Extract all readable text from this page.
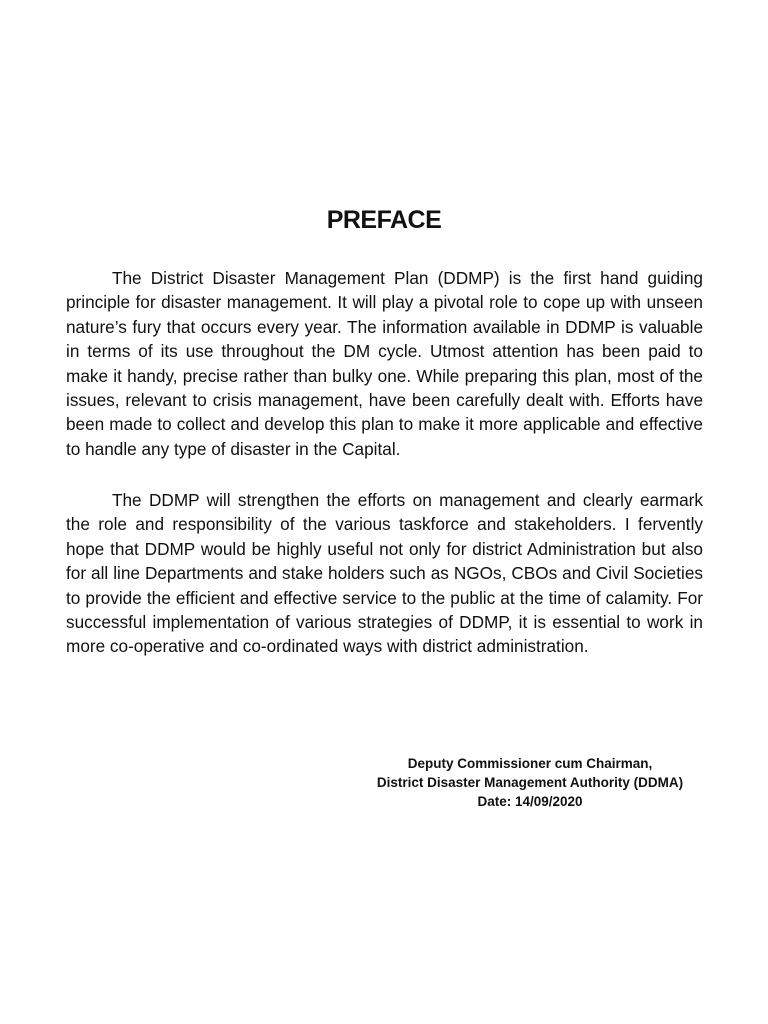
PREFACE

The District Disaster Management Plan (DDMP) is the first hand guiding principle for disaster management. It will play a pivotal role to cope up with unseen nature’s fury that occurs every year. The information available in DDMP is valuable in terms of its use throughout the DM cycle. Utmost attention has been paid to make it handy, precise rather than bulky one. While preparing this plan, most of the issues, relevant to crisis management, have been carefully dealt with. Efforts have been made to collect and develop this plan to make it more applicable and effective to handle any type of disaster in the Capital.

The DDMP will strengthen the efforts on management and clearly earmark the role and responsibility of the various taskforce and stakeholders. I fervently hope that DDMP would be highly useful not only for district Administration but also for all line Departments and stake holders such as NGOs, CBOs and Civil Societies to provide the efficient and effective service to the public at the time of calamity. For successful implementation of various strategies of DDMP, it is essential to work in more co-operative and co-ordinated ways with district administration.

Deputy Commissioner cum Chairman,
District Disaster Management Authority (DDMA)
Date: 14/09/2020
